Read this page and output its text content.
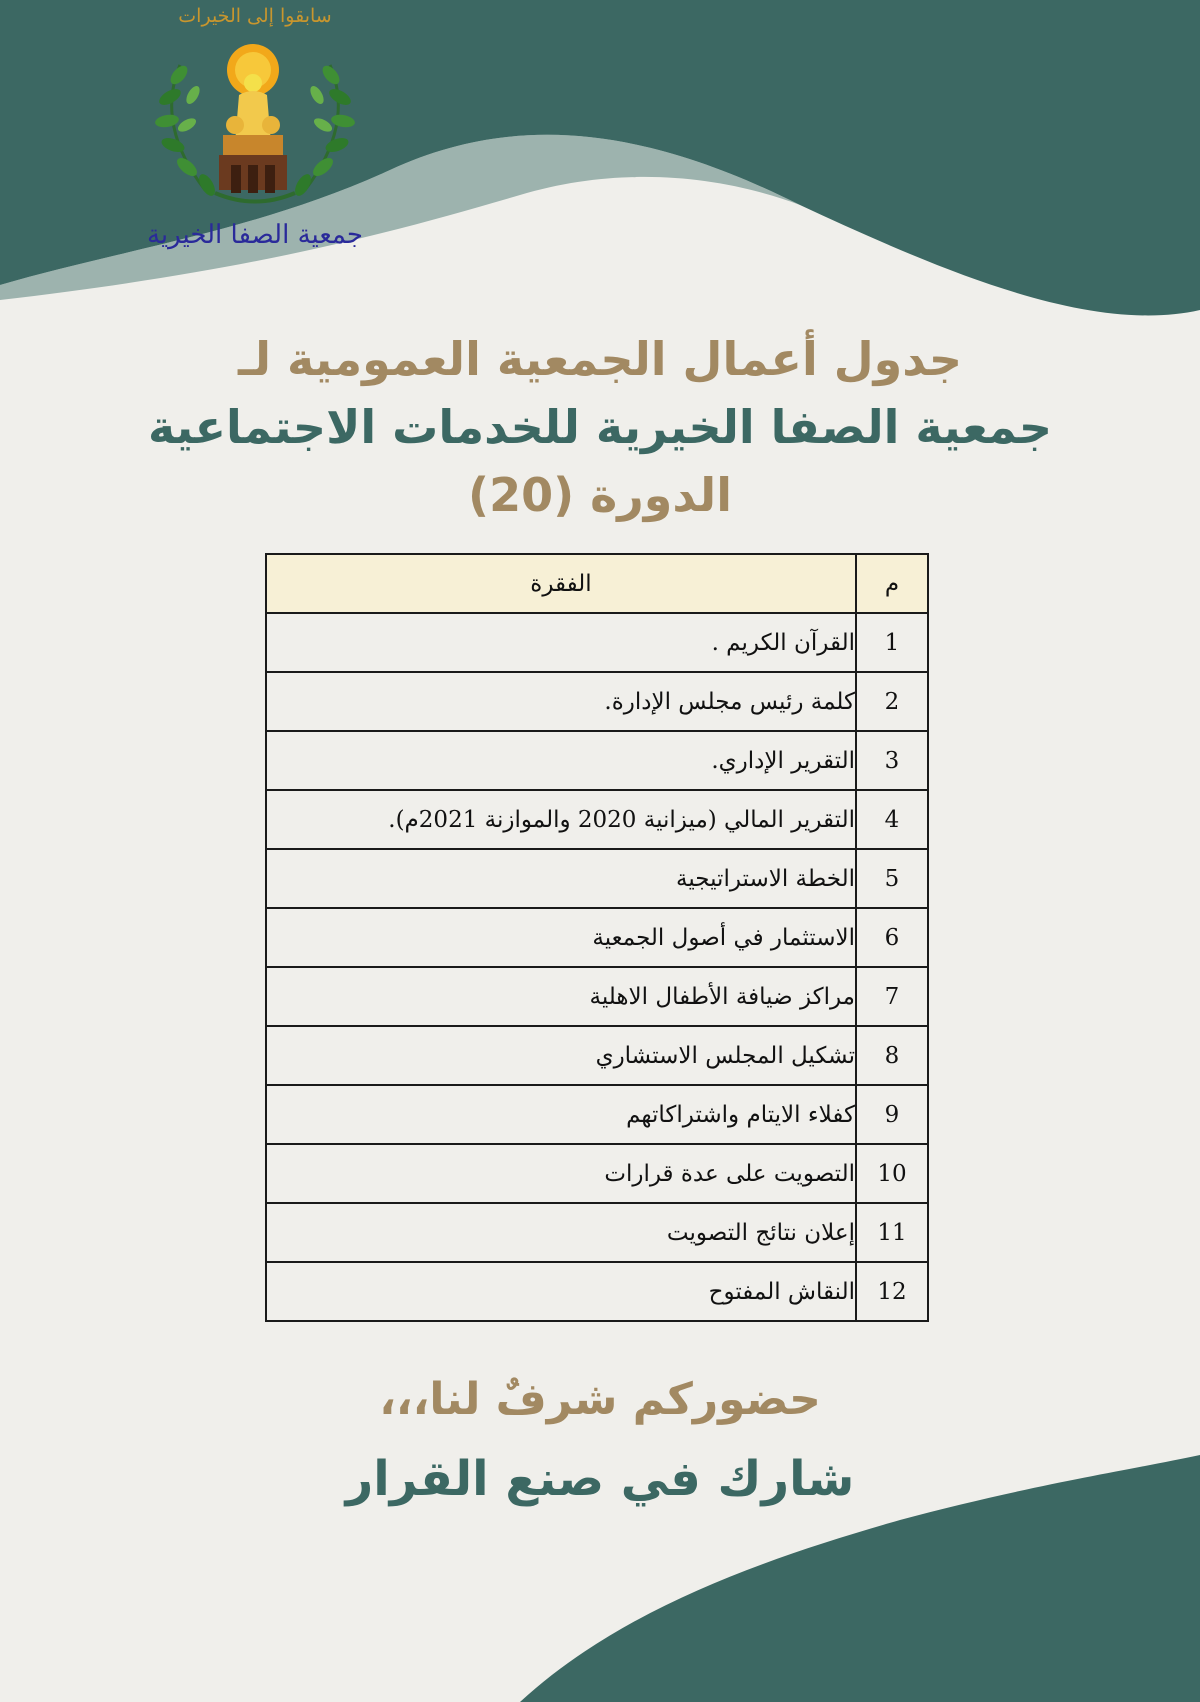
سابقوا إلى الخيرات
جمعية الصفا الخيرية
جدول أعمال الجمعية العمومية لـ
جمعية الصفا الخيرية للخدمات الاجتماعية
الدورة (20)
م	الفقرة
1	القرآن الكريم .
2	كلمة رئيس مجلس الإدارة.
3	التقرير الإداري.
4	التقرير المالي (ميزانية 2020 والموازنة 2021م).
5	الخطة الاستراتيجية
6	الاستثمار في أصول الجمعية
7	مراكز ضيافة الأطفال الاهلية
8	تشكيل المجلس الاستشاري
9	كفلاء الايتام واشتراكاتهم
10	التصويت على عدة قرارات
11	إعلان نتائج التصويت
12	النقاش المفتوح

حضوركم شرفٌ لنا،،،

شارك في صنع القرار
